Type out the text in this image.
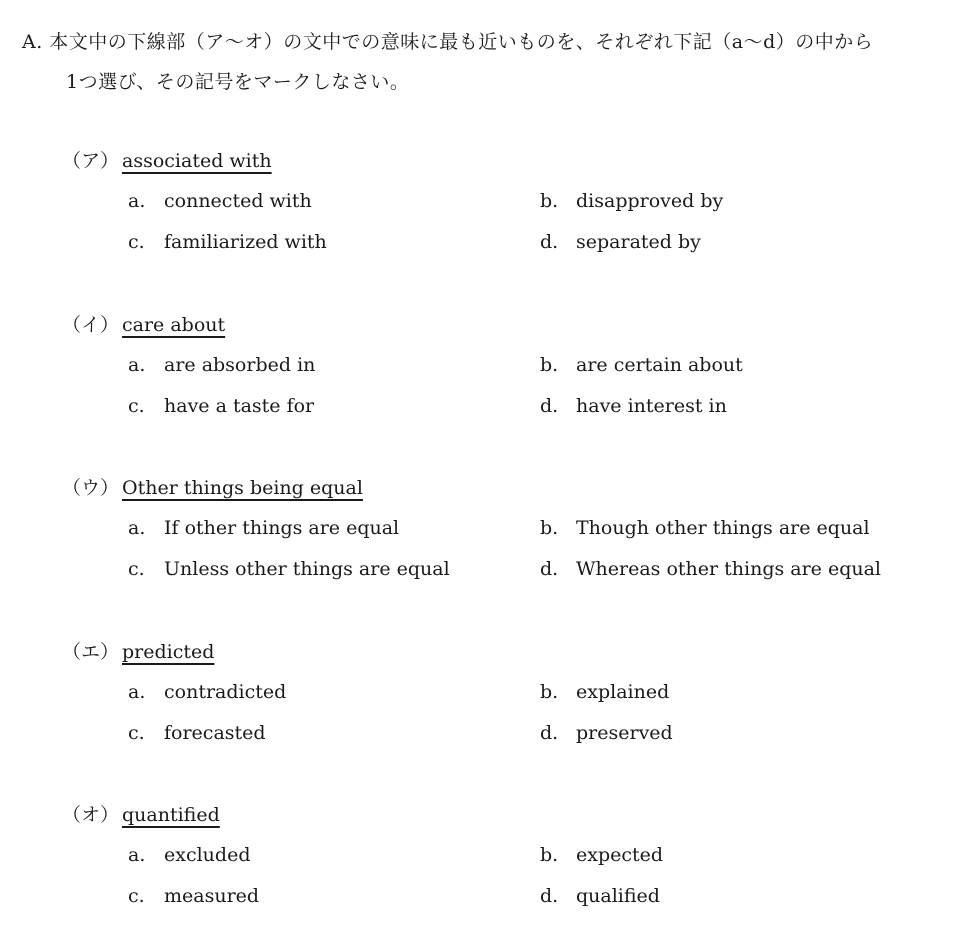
A. 本文中の下線部（ア～オ）の文中での意味に最も近いものを、それぞれ下記（a～d）の中から
1つ選び、その記号をマークしなさい。
（ア） associated with
a. connected with	b. disapproved by
c. familiarized with	d. separated by
（イ） care about
a. are absorbed in	b. are certain about
c. have a taste for	d. have interest in
（ウ） Other things being equal
a. If other things are equal	b. Though other things are equal
c. Unless other things are equal	d. Whereas other things are equal
（エ） predicted
a. contradicted	b. explained
c. forecasted	d. preserved
（オ） quantified
a. excluded	b. expected
c. measured	d. qualified
